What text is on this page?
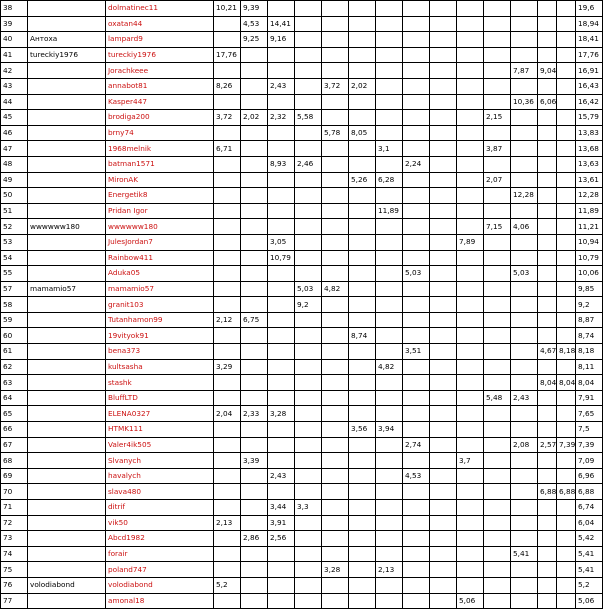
38		dolmatinec11	10,21	9,39													19,6
39		oxatan44		4,53	14,41												18,94
40	Антоха	lampard9		9,25	9,16												18,41
41	tureckiy1976	tureckiy1976	17,76														17,76
42		Jorachkeee												7,87	9,04		16,91
43		annabot81	8,26		2,43		3,72	2,02									16,43
44		Kasper447												10,36	6,06		16,42
45		brodiga200	3,72	2,02	2,32	5,58							2,15				15,79
46		brny74					5,78	8,05									13,83
47		1968melnik	6,71						3,1				3,87				13,68
48		batman1571			8,93	2,46				2,24							13,63
49		MironAK						5,26	6,28				2,07				13,61
50		Energetik8												12,28			12,28
51		Pridan Igor							11,89								11,89
52	wwwwww180	wwwwww180											7,15	4,06			11,21
53		JulesJordan7			3,05							7,89					10,94
54		Rainbow411			10,79												10,79
55		Aduka05								5,03				5,03			10,06
57	mamamio57	mamamio57				5,03	4,82										9,85
58		granit103				9,2											9,2
59		Tutanhamon99	2,12	6,75													8,87
60		19vityok91						8,74									8,74
61		bena373								3,51					4,67	8,18	8,18
62		kultsasha	3,29						4,82								8,11
63		stashk													8,04	8,04	8,04
64		BluffLTD											5,48	2,43			7,91
65		ELENA0327	2,04	2,33	3,28												7,65
66		HTMK111						3,56	3,94								7,5
67		Valer4ik505								2,74				2,08	2,57	7,39	7,39
68		Slvanych		3,39								3,7					7,09
69		havalych			2,43					4,53							6,96
70		slava480													6,88	6,88	6,88
71		ditrif			3,44	3,3											6,74
72		vik50	2,13		3,91												6,04
73		Abcd1982		2,86	2,56												5,42
74		forair												5,41			5,41
75		poland747					3,28		2,13								5,41
76	volodiabond	volodiabond	5,2														5,2
77		amonal18										5,06					5,06
